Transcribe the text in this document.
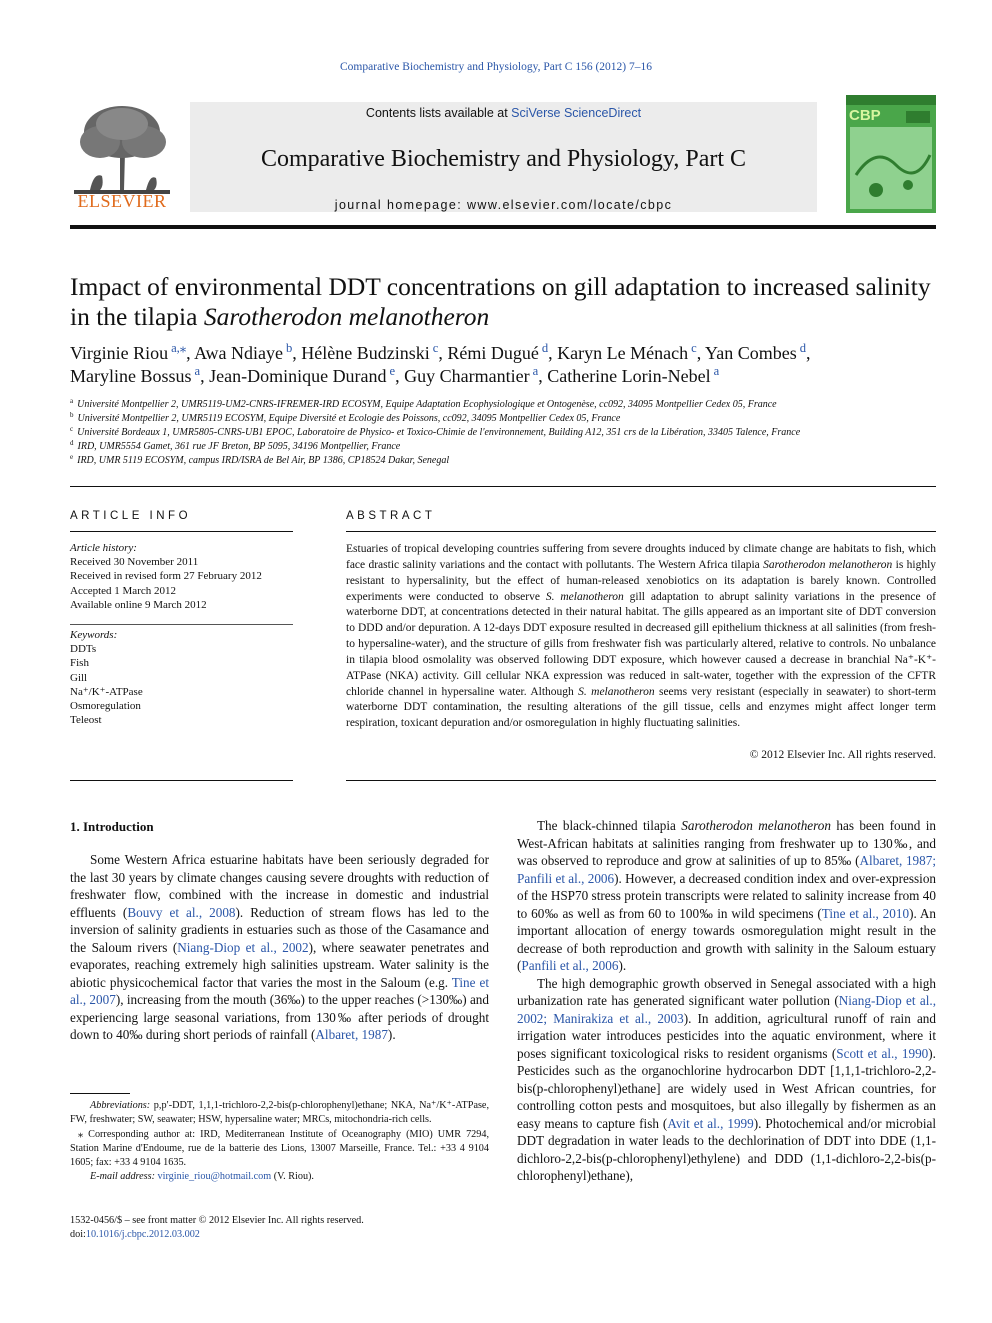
Comparative Biochemistry and Physiology, Part C 156 (2012) 7–16
ELSEVIER
Contents lists available at SciVerse ScienceDirect
Comparative Biochemistry and Physiology, Part C
journal homepage: www.elsevier.com/locate/cbpc
CBP
Impact of environmental DDT concentrations on gill adaptation to increased salinity
in the tilapia Sarotherodon melanotheron
Virginie Riou $^{a,⁎}$, Awa Ndiaye $^b$, Hélène Budzinski $^c$, Rémi Dugué $^d$, Karyn Le Ménach $^c$, Yan Combes $^d$,
Maryline Bossus $^a$, Jean-Dominique Durand $^e$, Guy Charmantier $^a$, Catherine Lorin-Nebel $^a$
$^a$ Université Montpellier 2, UMR5119-UM2-CNRS-IFREMER-IRD ECOSYM, Equipe Adaptation Ecophysiologique et Ontogenèse, cc092, 34095 Montpellier Cedex 05, France
$^b$ Université Montpellier 2, UMR5119 ECOSYM, Equipe Diversité et Ecologie des Poissons, cc092, 34095 Montpellier Cedex 05, France
$^c$ Université Bordeaux 1, UMR5805-CNRS-UB1 EPOC, Laboratoire de Physico- et Toxico-Chimie de l'environnement, Building A12, 351 crs de la Libération, 33405 Talence, France
$^d$ IRD, UMR5554 Gamet, 361 rue JF Breton, BP 5095, 34196 Montpellier, France
$^e$ IRD, UMR 5119 ECOSYM, campus IRD/ISRA de Bel Air, BP 1386, CP18524 Dakar, Senegal
ARTICLE INFO	ABSTRACT
Article history:
Received 30 November 2011
Received in revised form 27 February 2012
Accepted 1 March 2012
Available online 9 March 2012
Keywords:
DDTs
Fish
Gill
Na⁺/K⁺-ATPase
Osmoregulation
Teleost
Estuaries of tropical developing countries suffering from severe droughts induced by climate change are habitats to fish, which face drastic salinity variations and the contact with pollutants. The Western Africa tilapia Sarotherodon melanotheron is highly resistant to hypersalinity, but the effect of human-released xenobiotics on its adaptation is barely known. Controlled experiments were conducted to observe S. melanotheron gill adaptation to abrupt salinity variations in the presence of waterborne DDT, at concentrations detected in their natural habitat. The gills appeared as an important site of DDT conversion to DDD and/or depuration. A 12-days DDT exposure resulted in decreased gill epithelium thickness at all salinities (from fresh- to hypersaline-water), and the structure of gills from freshwater fish was particularly altered, relative to controls. No unbalance in tilapia blood osmolality was observed following DDT exposure, which however caused a decrease in branchial Na⁺-K⁺-ATPase (NKA) activity. Gill cellular NKA expression was reduced in salt-water, together with the expression of the CFTR chloride channel in hypersaline water. Although S. melanotheron seems very resistant (especially in seawater) to short-term waterborne DDT contamination, the resulting alterations of the gill tissue, cells and enzymes might affect longer term respiration, toxicant depuration and/or osmoregulation in highly fluctuating salinities.
© 2012 Elsevier Inc. All rights reserved.
1. Introduction

Some Western Africa estuarine habitats have been seriously degraded for the last 30 years by climate changes causing severe droughts with reduction of freshwater flow, combined with the increase in domestic and industrial effluents (Bouvy et al., 2008). Reduction of stream flows has led to the inversion of salinity gradients in estuaries such as those of the Casamance and the Saloum rivers (Niang-Diop et al., 2002), where seawater penetrates and evaporates, reaching extremely high salinities upstream. Water salinity is the abiotic physicochemical factor that varies the most in the Saloum (e.g. Tine et al., 2007), increasing from the mouth (36‰) to the upper reaches (>130‰) and experiencing large seasonal variations, from 130‰ after periods of drought down to 40‰ during short periods of rainfall (Albaret, 1987).

The black-chinned tilapia Sarotherodon melanotheron has been found in West-African habitats at salinities ranging from freshwater up to 130‰, and was observed to reproduce and grow at salinities of up to 85‰ (Albaret, 1987; Panfili et al., 2006). However, a decreased condition index and over-expression of the HSP70 stress protein transcripts were related to salinity increase from 40 to 60‰ as well as from 60 to 100‰ in wild specimens (Tine et al., 2010). An important allocation of energy towards osmoregulation might result in the decrease of both reproduction and growth with salinity in the Saloum estuary (Panfili et al., 2006).

The high demographic growth observed in Senegal associated with a high urbanization rate has generated significant water pollution (Niang-Diop et al., 2002; Manirakiza et al., 2003). In addition, agricultural runoff of rain and irrigation water introduces pesticides into the aquatic environment, where it poses significant toxicological risks to resident organisms (Scott et al., 1990). Pesticides such as the organochlorine hydrocarbon DDT [1,1,1-trichloro-2,2-bis(p-chlorophenyl)ethane] are widely used in West African countries, for controlling cotton pests and mosquitoes, but also illegally by fishermen as an easy means to capture fish (Avit et al., 1999). Photochemical and/or microbial DDT degradation in water leads to the dechlorination of DDT into DDE (1,1-dichloro-2,2-bis(p-chlorophenyl)ethylene) and DDD (1,1-dichloro-2,2-bis(p-chlorophenyl)ethane),

Abbreviations: p,p′-DDT, 1,1,1-trichloro-2,2-bis(p-chlorophenyl)ethane; NKA, Na⁺/K⁺-ATPase, FW, freshwater; SW, seawater; HSW, hypersaline water; MRCs, mitochondria-rich cells.

⁎ Corresponding author at: IRD, Mediterranean Institute of Oceanography (MIO) UMR 7294, Station Marine d'Endoume, rue de la batterie des Lions, 13007 Marseille, France. Tel.: +33 4 9104 1605; fax: +33 4 9104 1635.

E-mail address: virginie_riou@hotmail.com (V. Riou).

1532-0456/$ – see front matter © 2012 Elsevier Inc. All rights reserved.
doi:10.1016/j.cbpc.2012.03.002
